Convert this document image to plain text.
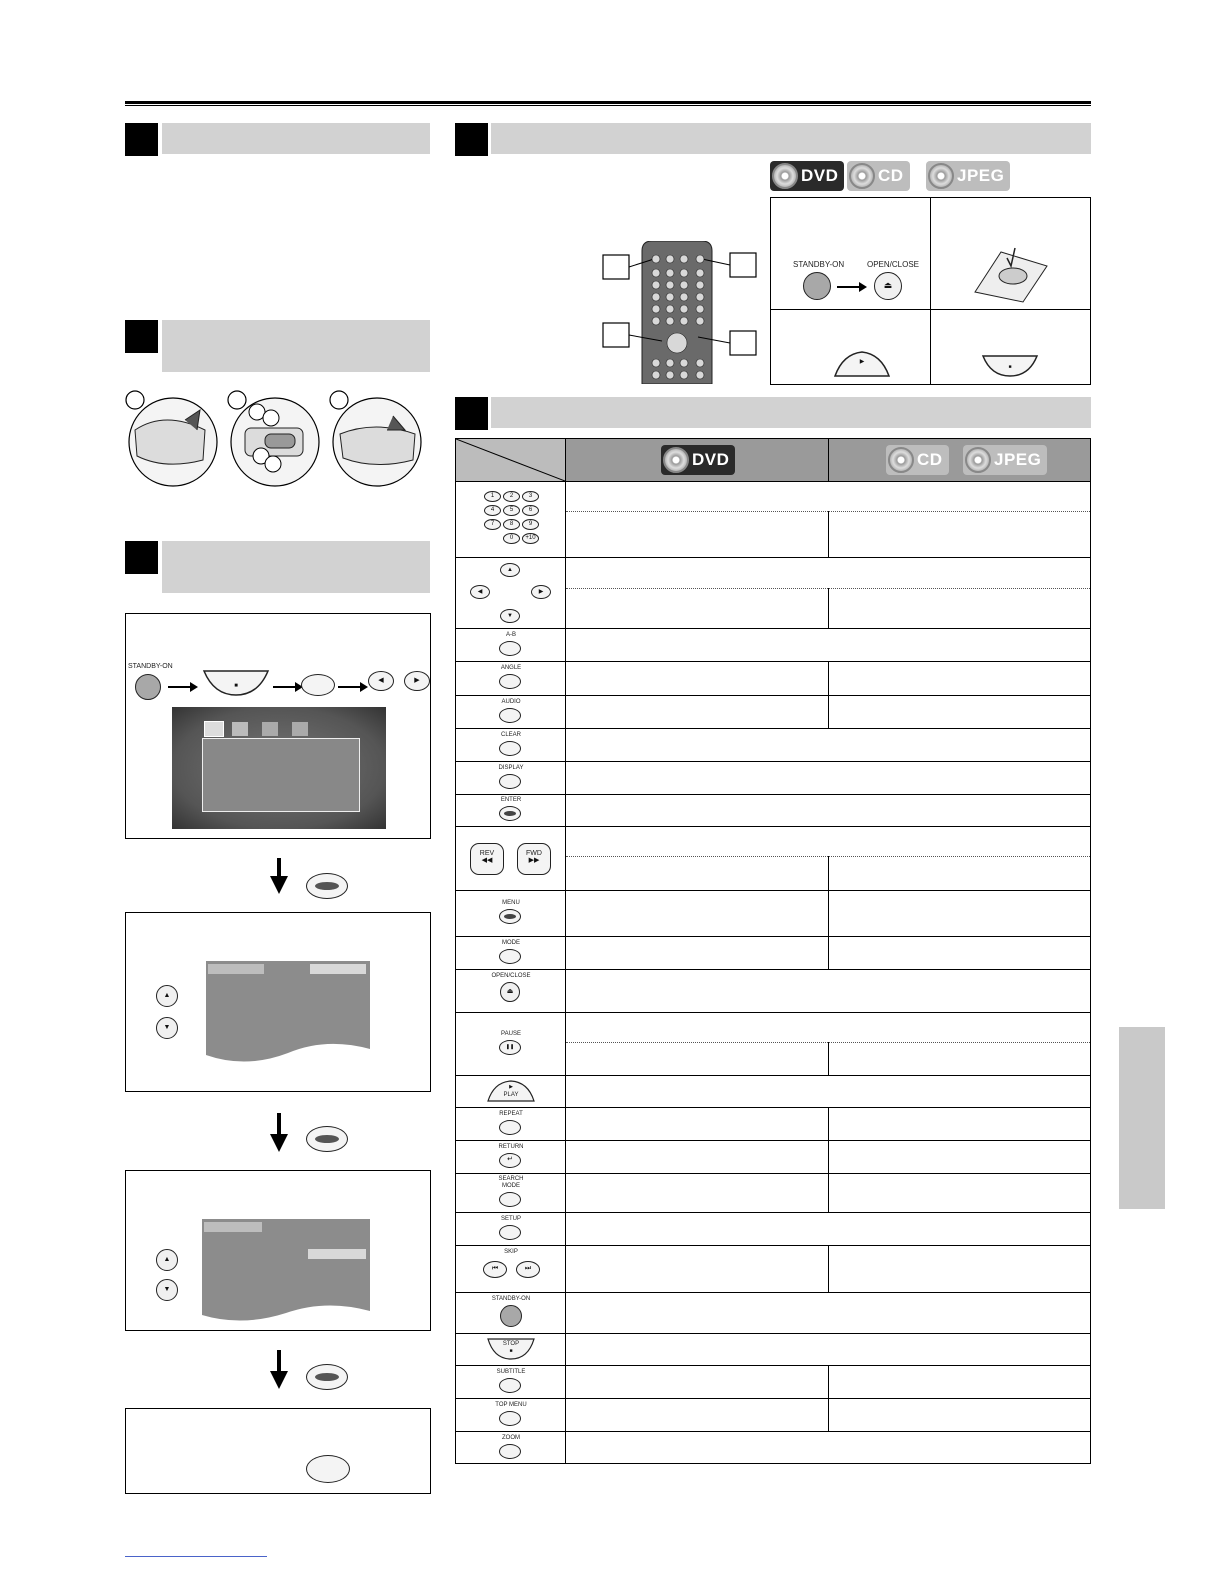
STANDBY-ON
■
◀	▶
▲
▼
▲
▼
DVD CD	JPEG
STANDBY-ON	OPEN/CLOSE
⏏
▶
■
DVD	CD	JPEG
1	2	3
4	5	6
7	8	9
0	+10
▲
◀	▶
▼
A-B
ANGLE
AUDIO
CLEAR
DISPLAY
ENTER
REV
◀◀
FWD
▶▶
MENU
MODE
OPEN/CLOSE
⏏
PAUSE
❚❚
▶
PLAY
REPEAT
RETURN
↵
SEARCH MODE
SETUP
SKIP
⏮	⏭
STANDBY-ON
STOP
■
SUBTITLE
TOP MENU
ZOOM
